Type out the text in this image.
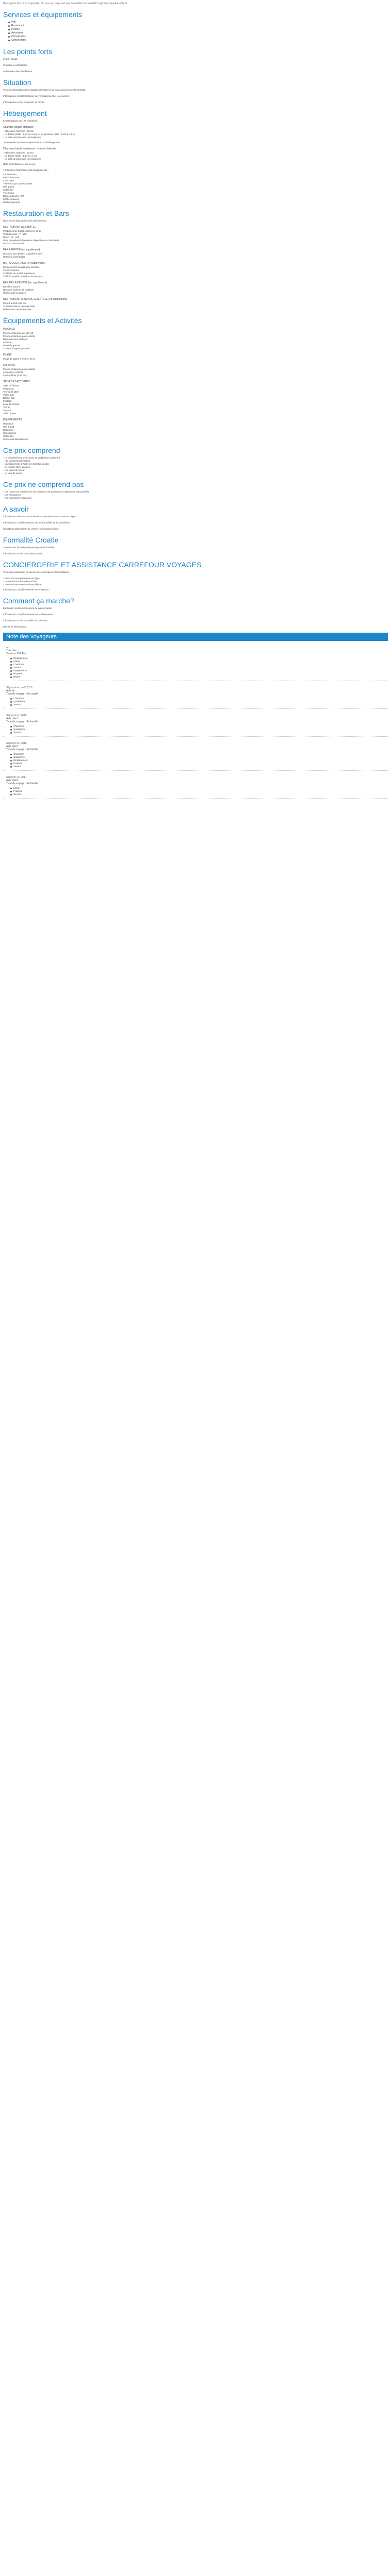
Description (Ce prix comprend) : Ce que ne comprend pas Formalités Convivialité Logé Séjour(s) Avis Client
Services et équipements
Wifi
Restaurant
Piscine
Ascenseur
Climatisation
Conciergerie
Les points forts

Le bon et gaz

Chambres confortables

La terrasse dans l'ambiance

Situation

Texte de description de la situation de l'hôtel et de son environnement immédiat.

Informations complémentaires sur l'emplacement et les environs.

Informations sur les transports et l'accès.

Hébergement

L'hôtel dispose de 173 chambres.

Chambre double standard :
- Taille de la chambre : 25 m2
- Lit double (taille : 1,60 m x 2 m) ou lits jumeaux (taille : 1,40 m x 2 m)
- La salle de bain avec une baignoire

Texte de description complémentaire sur l'hébergement.

Chambre double supérieure - vue mer latérale :
- Taille de la chambre : 25 m2
- Lit double (taille : 1,60 m x 2 m)
- La salle de bain avec une baignoire

Note sur la balcon et sur la vue.

Toutes les chambres sont équipées de :
Climatisation
Balcon/terrasse
Coin salon
Télévision par câble/satellite
Wifi gratuit
Coffre-fort
Téléphone
Bain ou douche, WC
Sèche-cheveux
Minibar (payant)
Restauration et Bars

Nous avons logé en formule demi-pension.

RESTAURANT DE L'HÔTEL
Petit déjeuner buffet express et dîner
Petit déjeuner : 7 - 10h
Dîner : 19 - 21h
Plats européens/végétariens disponibles sur demande
Boisson non incluse
BAR APERITIF (en supplément)
Boissons alcoolisées, cocktails et vins
Horaires à demander
BAR À COCKTAILS (en supplément)
Emplacement central avec terrasse
Vin et boissons
Cocktails de qualité supérieure
Café de qualité supérieure et desserts
BAR DE LA PISCINE (en supplément)
Bar de la piscine
Boissons fraîches et cocktails
Horaires de la journée
RESTAURANT À BAR DE CLIENTÈLE (en supplément)
Ouvert à midi et le soir
Cuisine locale et internationale
Réservation recommandée
Équipements et Activités
PISCINES
Piscine extérieure de 450 m2
Piscine extérieure pour enfants
Bain à remous extérieur
Solarium
Parasols gratuits
Chaises longues gratuites
PLAGE
Plage de galets à environ 10 m
ENFANTS
Piscine extérieure pour enfants
Animations enfants
Club enfants (4-12 ans)
SPORT ET ACTIVITÉS
Salle de fitness
Ping-pong
Tennis de table
Volley-ball
Basket-ball
Football
Jeux de société
Tennis
Squash
Salle de jeux
ÉQUIPEMENTS
Réception
Wifi gratuit
Bagagerie
Conciergerie
Coffre-fort
Service de blanchisserie
Ce prix comprend
- Le vol aller/retour avec taxes et supplément carburant
- Les transferts aller/retour
- L'hébergement à l'hôtel en chambre double
- La formule demi-pension
- Les taxes de séjour
- La taxe de séjour
Ce prix ne comprend pas
- Les repas non mentionnés, les boissons, les pourboires et dépenses personnelles
- Les assurances
- Les excursions proposées
A savoir

Informations diverses et conditions importantes à savoir avant le départ.

Informations complémentaires sur les formalités et les conditions.

Conditions particulières de vente et informations utiles.

Formalité Croatie

Texte sur les formalités de passage de la frontière.

Informations sur les documents requis.

CONCIERGERIE ET ASSISTANCE CARREFOUR VOYAGES

Texte de présentation du service de conciergerie et d'assistance.

- Pour mon enregistrement en ligne
- Un conseil sur les visites à faire
- Une assistance en cas de problème

Informations complémentaires sur le service.

Comment ça marche?

Explication du fonctionnement de la réservation.

Informations complémentaires sur la réservation.

Informations sur les modalités de paiement.

Dernières informations.

Note des voyageurs
4,1
Très bien
Total sur 257 Avis
Emplacement
Literie
Chambres
Service
Équipements
Propreté
Repas
Séjourné en août 2019
Avis de ...
Type de voyage : En couple
Chambres
Qualité/prix
Service
Séjourné en 2019
Avis client
Type de voyage : En famille
Chambres
Qualité/prix
Service
Séjourné en 2018
Avis client
Type de voyage : En famille
Chambres
Qualité/prix
Emplacement
Propreté
Service
Séjourné en 2017
Avis client
Type de voyage : En famille
Literie
Propreté
Service
